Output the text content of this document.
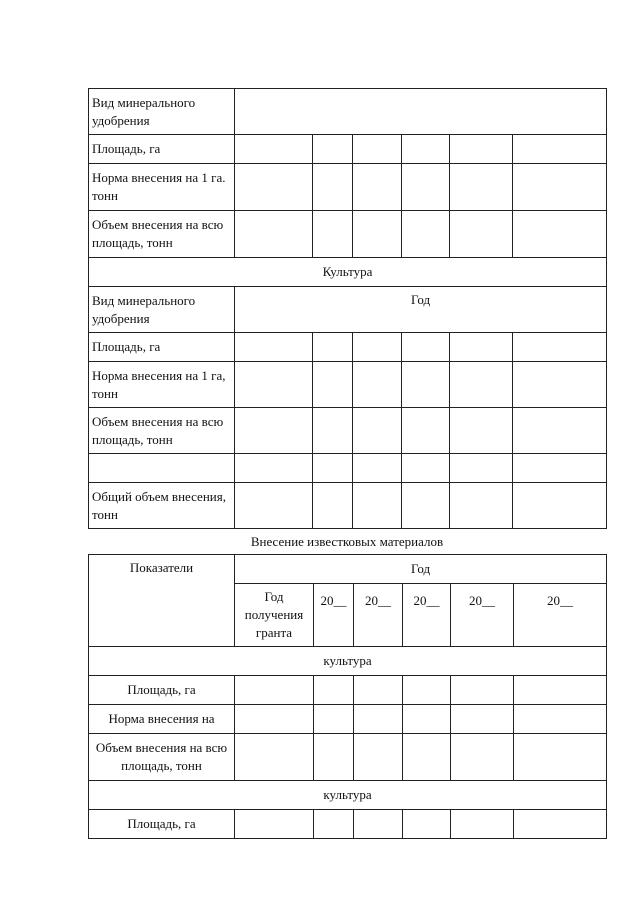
Вид минерального удобрения						
Площадь, га						
Норма внесения на 1 га. тонн						
Объем внесения на всю площадь, тонн						
Культура						
Вид минерального удобрения	Год					
Площадь, га						
Норма внесения на 1 га, тонн						
Объем внесения на всю площадь, тонн						

Общий объем внесения, тонн						
Внесение известковых материалов
Показатели	Год					
	Год получения гранта	20__	20__	20__	20__	20__
культура						
Площадь, га						
Норма внесения на						
Объем внесения на всю площадь, тонн						
культура						
Площадь, га						
